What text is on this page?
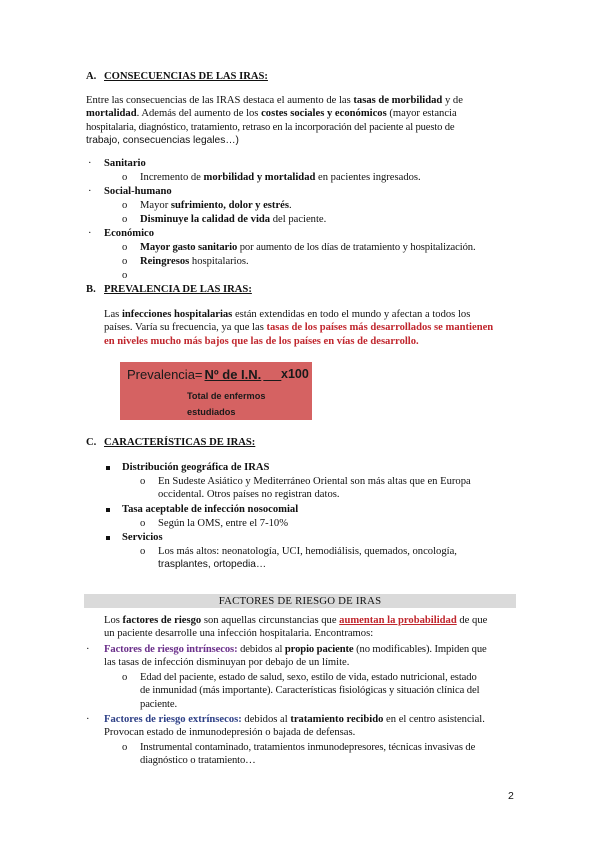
A. CONSECUENCIAS DE LAS IRAS:
Entre las consecuencias de las IRAS destaca el aumento de las tasas de morbilidad y de
mortalidad. Además del aumento de los costes sociales y económicos (mayor estancia
hospitalaria, diagnóstico, tratamiento, retraso en la incorporación del paciente al puesto de
trabajo, consecuencias legales…)
· Sanitario
o Incremento de morbilidad y mortalidad en pacientes ingresados.
· Social-humano
o Mayor sufrimiento, dolor y estrés.
o Disminuye la calidad de vida del paciente.
· Económico
o Mayor gasto sanitario por aumento de los días de tratamiento y hospitalización.
o Reingresos hospitalarios.
o
B. PREVALENCIA DE LAS IRAS:
Las infecciones hospitalarias están extendidas en todo el mundo y afectan a todos los
países. Varía su frecuencia, ya que las tasas de los países más desarrollados se mantienen
en niveles mucho más bajos que las de los países en vías de desarrollo.
Prevalencia= Nº de I.N.	x100
Total de enfermos estudiados
C. CARACTERÍSTICAS DE IRAS:
Distribución geográfica de IRAS
o En Sudeste Asiático y Mediterráneo Oriental son más altas que en Europa
occidental. Otros países no registran datos.
Tasa aceptable de infección nosocomial
o Según la OMS, entre el 7-10%
Servicios
o Los más altos: neonatología, UCI, hemodiálisis, quemados, oncología,
trasplantes, ortopedia…
FACTORES DE RIESGO DE IRAS
Los factores de riesgo son aquellas circunstancias que aumentan la probabilidad de que
un paciente desarrolle una infección hospitalaria. Encontramos:
· Factores de riesgo intrínsecos: debidos al propio paciente (no modificables). Impiden que
las tasas de infección disminuyan por debajo de un límite.
o Edad del paciente, estado de salud, sexo, estilo de vida, estado nutricional, estado
de inmunidad (más importante). Características fisiológicas y situación clínica del
paciente.
· Factores de riesgo extrínsecos: debidos al tratamiento recibido en el centro asistencial.
Provocan estado de inmunodepresión o bajada de defensas.
o Instrumental contaminado, tratamientos inmunodepresores, técnicas invasivas de
diagnóstico o tratamiento…
2
